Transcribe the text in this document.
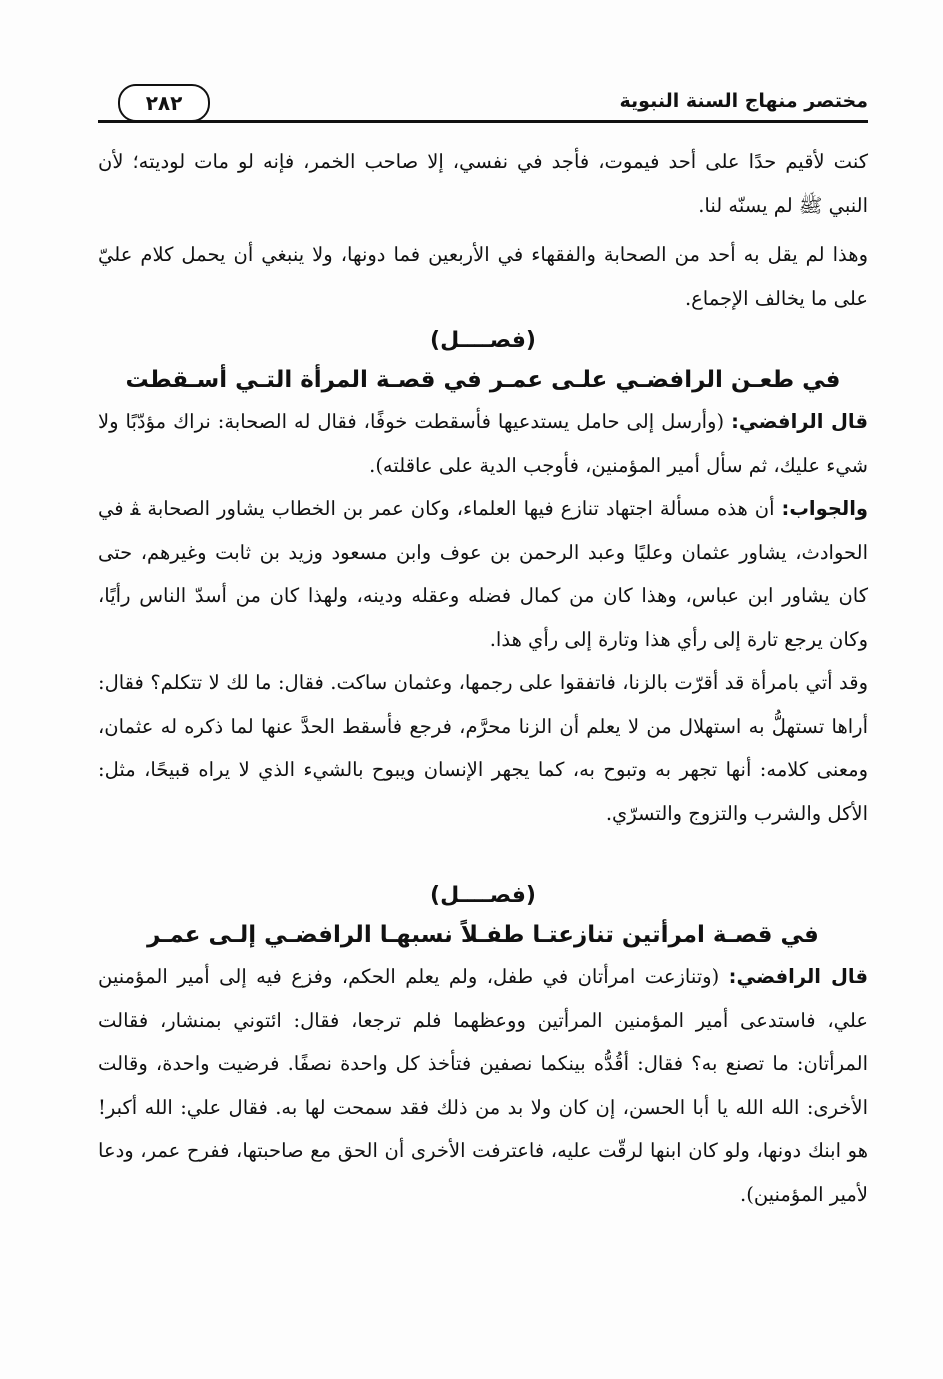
مختصر منهاج السنة النبوية
٢٨٢

كنت لأقيم حدًا على أحد فيموت، فأجد في نفسي، إلا صاحب الخمر، فإنه لو مات لوديته؛ لأن النبي ﷺ لم يسنّه لنا.

وهذا لم يقل به أحد من الصحابة والفقهاء في الأربعين فما دونها، ولا ينبغي أن يحمل كلام عليّ على ما يخالف الإجماع.

(فصــــل)

في طعـن الرافضـي علـى عمـر في قصـة المرأة التـي أسـقطت

قال الرافضي: (وأرسل إلى حامل يستدعيها فأسقطت خوفًا، فقال له الصحابة: نراك مؤدّبًا ولا شيء عليك، ثم سأل أمير المؤمنين، فأوجب الدية على عاقلته).

والجواب: أن هذه مسألة اجتهاد تنازع فيها العلماء، وكان عمر بن الخطاب يشاور الصحابة ﭭ في الحوادث، يشاور عثمان وعليًا وعبد الرحمن بن عوف وابن مسعود وزيد بن ثابت وغيرهم، حتى كان يشاور ابن عباس، وهذا كان من كمال فضله وعقله ودينه، ولهذا كان من أسدّ الناس رأيًا، وكان يرجع تارة إلى رأي هذا وتارة إلى رأي هذا.

وقد أتي بامرأة قد أقرّت بالزنا، فاتفقوا على رجمها، وعثمان ساكت. فقال: ما لك لا تتكلم؟ فقال: أراها تستهلُّ به استهلال من لا يعلم أن الزنا محرَّم، فرجع فأسقط الحدَّ عنها لما ذكره له عثمان، ومعنى كلامه: أنها تجهر به وتبوح به، كما يجهر الإنسان ويبوح بالشيء الذي لا يراه قبيحًا، مثل: الأكل والشرب والتزوج والتسرّي.

(فصــــل)

في قصـة امرأتين تنازعتـا طفـلاً نسبهـا الرافضـي إلـى عمـر

قال الرافضي: (وتنازعت امرأتان في طفل، ولم يعلم الحكم، وفزع فيه إلى أمير المؤمنين علي، فاستدعى أمير المؤمنين المرأتين ووعظهما فلم ترجعا، فقال: ائتوني بمنشار، فقالت المرأتان: ما تصنع به؟ فقال: أقُدُّه بينكما نصفين فتأخذ كل واحدة نصفًا. فرضيت واحدة، وقالت الأخرى: الله الله يا أبا الحسن، إن كان ولا بد من ذلك فقد سمحت لها به. فقال علي: الله أكبر! هو ابنك دونها، ولو كان ابنها لرقّت عليه، فاعترفت الأخرى أن الحق مع صاحبتها، ففرح عمر، ودعا لأمير المؤمنين).
